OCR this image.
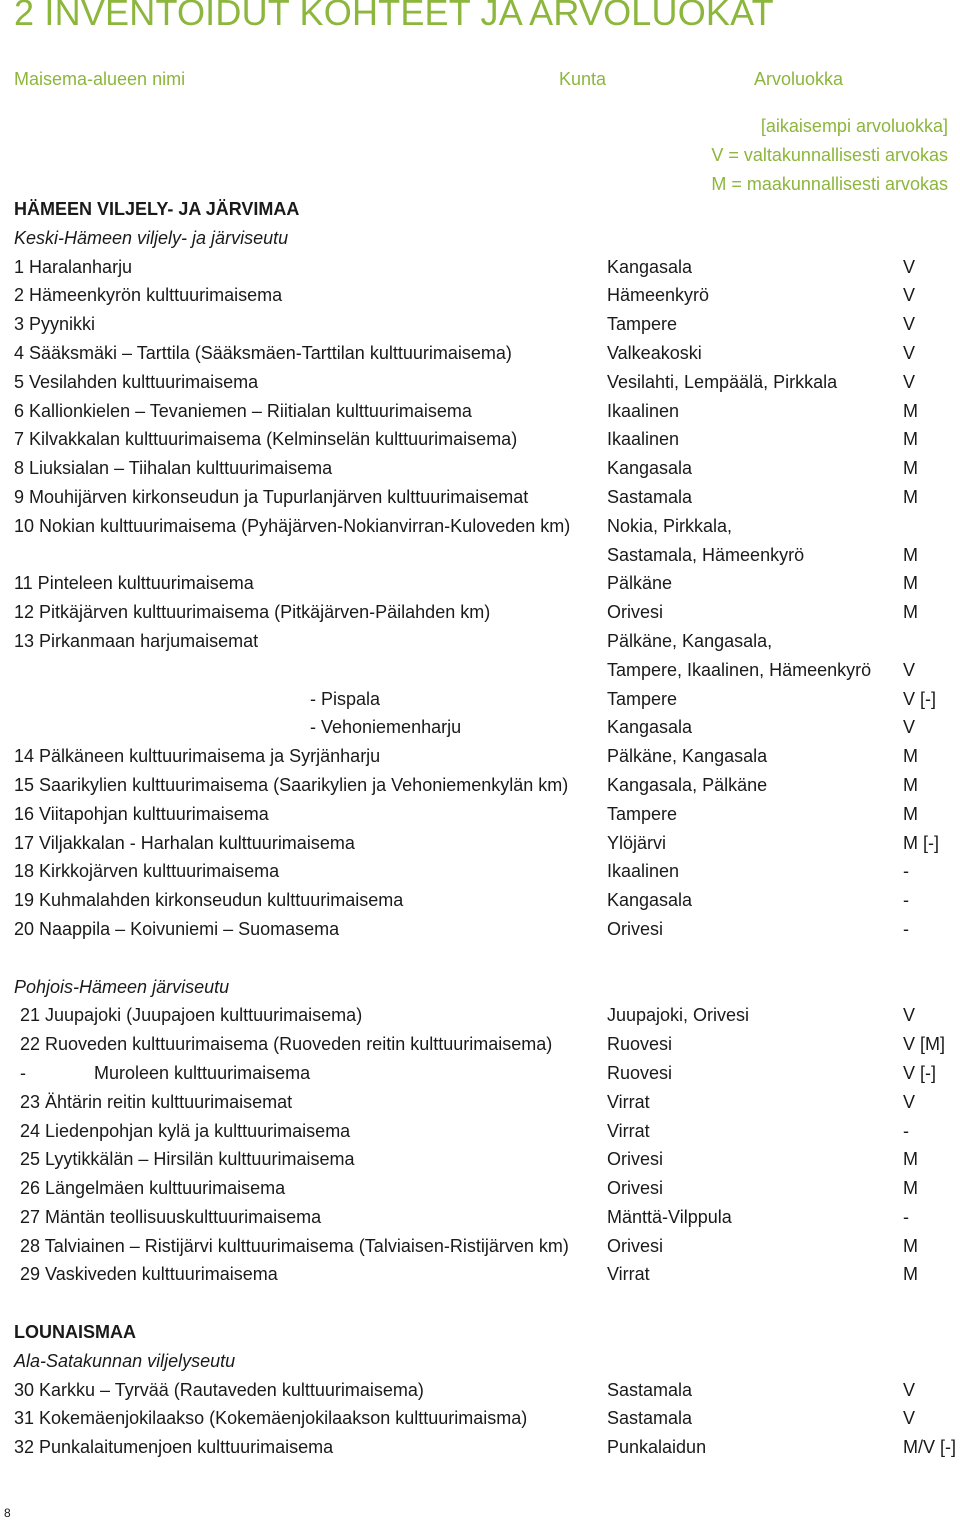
2 INVENTOIDUT KOHTEET JA ARVOLUOKAT
Maisema-alueen nimi	Kunta	Arvoluokka
[aikaisempi arvoluokka]
V = valtakunnallisesti arvokas
M = maakunnallisesti arvokas
HÄMEEN VILJELY- JA JÄRVIMAA
Keski-Hämeen viljely- ja järviseutu
1 Haralanharju	Kangasala	V
2 Hämeenkyrön kulttuurimaisema	Hämeenkyrö	V
3 Pyynikki	Tampere	V
4 Sääksmäki – Tarttila (Sääksmäen-Tarttilan kulttuurimaisema)	Valkeakoski	V
5 Vesilahden kulttuurimaisema	Vesilahti, Lempäälä, Pirkkala	V
6 Kallionkielen – Tevaniemen – Riitialan kulttuurimaisema	Ikaalinen	M
7 Kilvakkalan kulttuurimaisema (Kelminselän kulttuurimaisema)	Ikaalinen	M
8 Liuksialan – Tiihalan kulttuurimaisema	Kangasala	M
9 Mouhijärven kirkonseudun ja Tupurlanjärven kulttuurimaisemat	Sastamala	M
10 Nokian kulttuurimaisema (Pyhäjärven-Nokianvirran-Kuloveden km) Nokia, Pirkkala,
Sastamala, Hämeenkyrö	M
11 Pinteleen kulttuurimaisema	Pälkäne	M
12 Pitkäjärven kulttuurimaisema (Pitkäjärven-Päilahden km)	Orivesi	M
13 Pirkanmaan harjumaisemat	Pälkäne, Kangasala,
Tampere, Ikaalinen, Hämeenkyrö V
- Pispala	Tampere	V [-]
- Vehoniemenharju	Kangasala	V
14 Pälkäneen kulttuurimaisema ja Syrjänharju	Pälkäne, Kangasala	M
15 Saarikylien kulttuurimaisema (Saarikylien ja Vehoniemenkylän km) Kangasala, Pälkäne	M
16 Viitapohjan kulttuurimaisema	Tampere	M
17 Viljakkalan - Harhalan kulttuurimaisema	Ylöjärvi	M [-]
18 Kirkkojärven kulttuurimaisema	Ikaalinen	-
19 Kuhmalahden kirkonseudun kulttuurimaisema	Kangasala	-
20 Naappila – Koivuniemi – Suomasema	Orivesi	-
Pohjois-Hämeen järviseutu
21 Juupajoki (Juupajoen kulttuurimaisema)	Juupajoki, Orivesi	V
22 Ruoveden kulttuurimaisema (Ruoveden reitin kulttuurimaisema)	Ruovesi	V [M]
-	Muroleen kulttuurimaisema	Ruovesi	V [-]
23 Ähtärin reitin kulttuurimaisemat	Virrat	V
24 Liedenpohjan kylä ja kulttuurimaisema	Virrat	-
25 Lyytikkälän – Hirsilän kulttuurimaisema	Orivesi	M
26 Längelmäen kulttuurimaisema	Orivesi	M
27 Mäntän teollisuuskulttuurimaisema	Mänttä-Vilppula	-
28 Talviainen – Ristijärvi kulttuurimaisema (Talviaisen-Ristijärven km) Orivesi	M
29 Vaskiveden kulttuurimaisema	Virrat	M
LOUNAISMAA
Ala-Satakunnan viljelyseutu
30 Karkku – Tyrvää (Rautaveden kulttuurimaisema)	Sastamala	V
31 Kokemäenjokilaakso (Kokemäenjokilaakson kulttuurimaisma)	Sastamala	V
32 Punkalaitumenjoen kulttuurimaisema	Punkalaidun	M/V [-]
8
